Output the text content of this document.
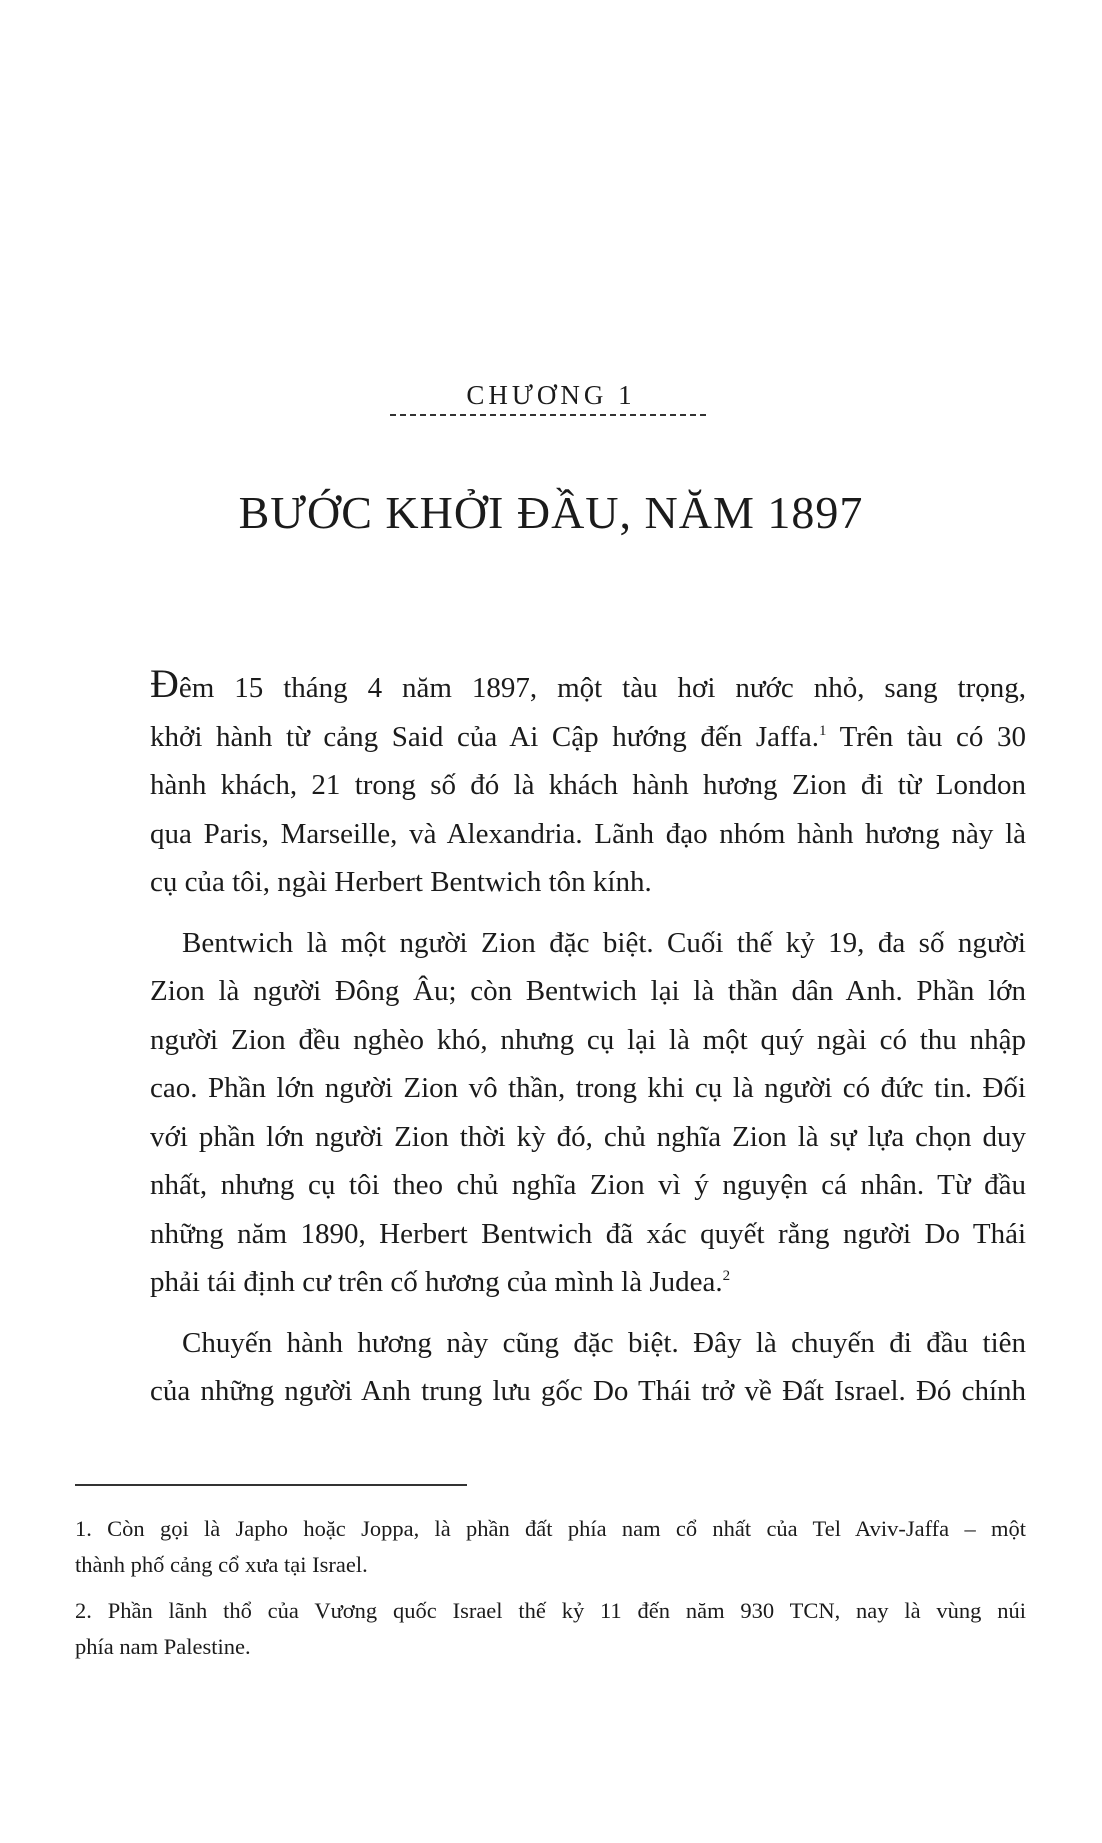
CHƯƠNG 1
BƯỚC KHỞI ĐẦU, NĂM 1897

Đêm 15 tháng 4 năm 1897, một tàu hơi nước nhỏ, sang trọng,
khởi hành từ cảng Said của Ai Cập hướng đến Jaffa.$^1$ Trên tàu có 30
hành khách, 21 trong số đó là khách hành hương Zion đi từ London
qua Paris, Marseille, và Alexandria. Lãnh đạo nhóm hành hương này là
cụ của tôi, ngài Herbert Bentwich tôn kính.

Bentwich là một người Zion đặc biệt. Cuối thế kỷ 19, đa số người
Zion là người Đông Âu; còn Bentwich lại là thần dân Anh. Phần lớn
người Zion đều nghèo khó, nhưng cụ lại là một quý ngài có thu nhập
cao. Phần lớn người Zion vô thần, trong khi cụ là người có đức tin. Đối
với phần lớn người Zion thời kỳ đó, chủ nghĩa Zion là sự lựa chọn duy
nhất, nhưng cụ tôi theo chủ nghĩa Zion vì ý nguyện cá nhân. Từ đầu
những năm 1890, Herbert Bentwich đã xác quyết rằng người Do Thái
phải tái định cư trên cố hương của mình là Judea.$^2$

Chuyến hành hương này cũng đặc biệt. Đây là chuyến đi đầu tiên
của những người Anh trung lưu gốc Do Thái trở về Đất Israel. Đó chính

1. Còn gọi là Japho hoặc Joppa, là phần đất phía nam cổ nhất của Tel Aviv-Jaffa – một
thành phố cảng cổ xưa tại Israel.

2. Phần lãnh thổ của Vương quốc Israel thế kỷ 11 đến năm 930 TCN, nay là vùng núi
phía nam Palestine.
